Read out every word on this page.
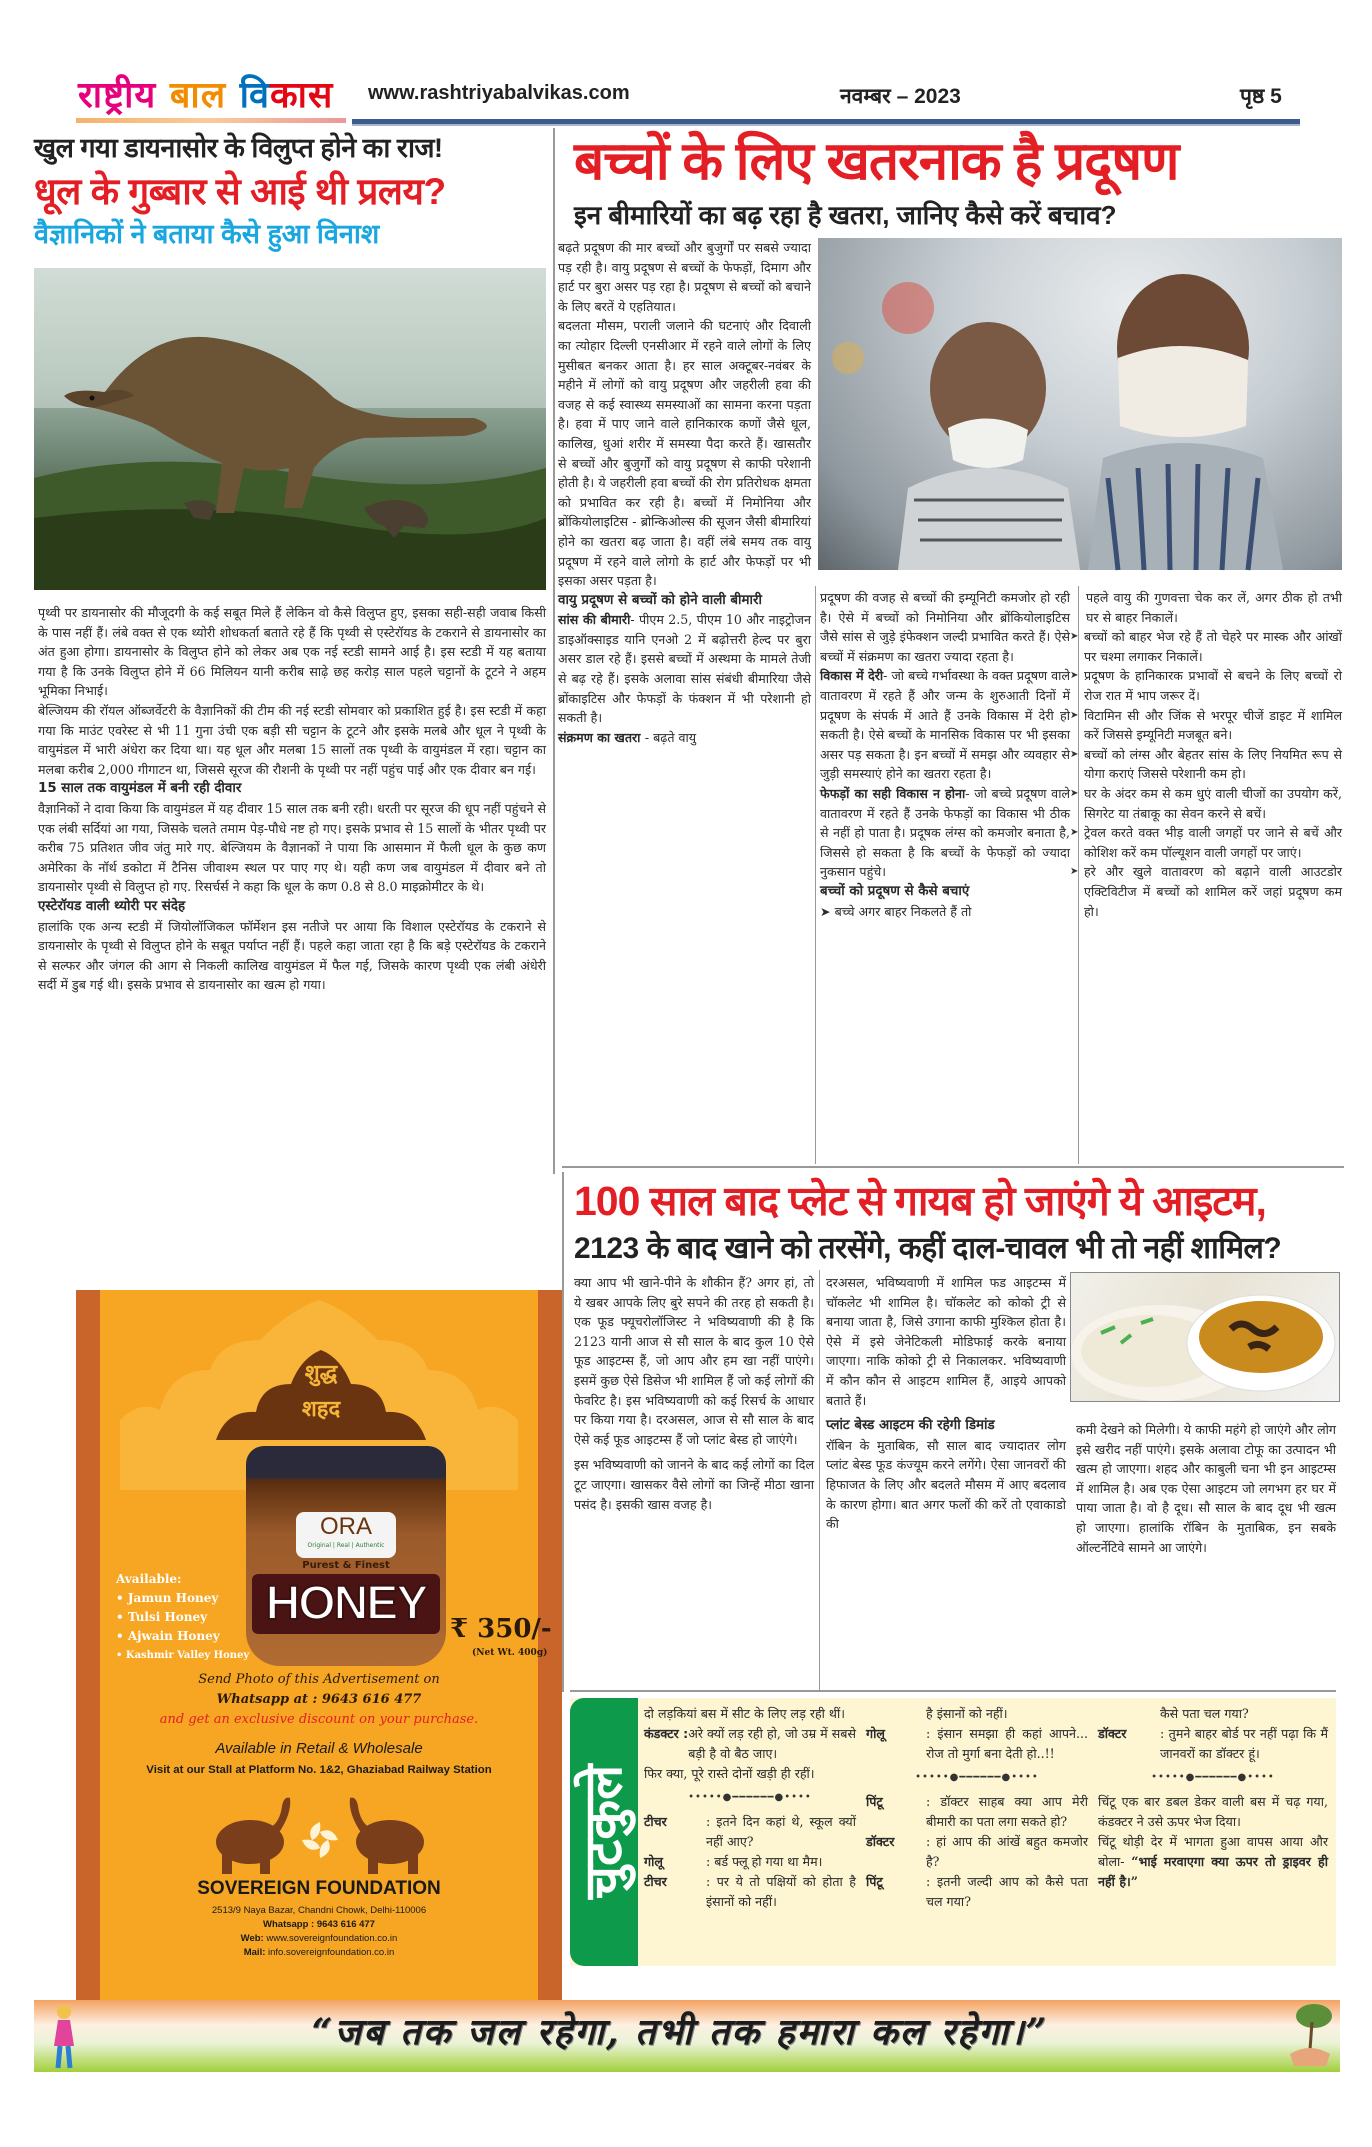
राष्ट्रीय बाल विकास www.rashtriyabalvikas.com	नवम्बर – 2023	पृष्ठ 5
खुल गया डायनासोर के विलुप्त होने का राज!
धूल के गुब्बार से आई थी प्रलय?
वैज्ञानिकों ने बताया कैसे हुआ विनाश

पृथ्वी पर डायनासोर की मौजूदगी के कई सबूत मिले हैं लेकिन वो कैसे विलुप्त हुए, इसका सही-सही जवाब किसी के पास नहीं हैं। लंबे वक्त से एक थ्योरी शोधकर्ता बताते रहे हैं कि पृथ्वी से एस्टेरॉयड के टकराने से डायनासोर का अंत हुआ होगा। डायनासोर के विलुप्त होने को लेकर अब एक नई स्टडी सामने आई है। इस स्टडी में यह बताया गया है कि उनके विलुप्त होने में 66 मिलियन यानी करीब साढ़े छह करोड़ साल पहले चट्टानों के टूटने ने अहम भूमिका निभाई।

बेल्जियम की रॉयल ऑब्जर्वेटरी के वैज्ञानिकों की टीम की नई स्टडी सोमवार को प्रकाशित हुई है। इस स्टडी में कहा गया कि माउंट एवरेस्ट से भी 11 गुना उंची एक बड़ी सी चट्टान के टूटने और इसके मलबे और धूल ने पृथ्वी के वायुमंडल में भारी अंधेरा कर दिया था। यह धूल और मलबा 15 सालों तक पृथ्वी के वायुमंडल में रहा। चट्टान का मलबा करीब 2,000 गीगाटन था, जिससे सूरज की रौशनी के पृथ्वी पर नहीं पहुंच पाई और एक दीवार बन गई।

15 साल तक वायुमंडल में बनी रही दीवार

वैज्ञानिकों ने दावा किया कि वायुमंडल में यह दीवार 15 साल तक बनी रही। धरती पर सूरज की धूप नहीं पहुंचने से एक लंबी सर्दियां आ गया, जिसके चलते तमाम पेड़-पौधे नष्ट हो गए। इसके प्रभाव से 15 सालों के भीतर पृथ्वी पर करीब 75 प्रतिशत जीव जंतु मारे गए. बेल्जियम के वैज्ञानकों ने पाया कि आसमान में फैली धूल के कुछ कण अमेरिका के नॉर्थ डकोटा में टैनिस जीवाश्म स्थल पर पाए गए थे। यही कण जब वायुमंडल में दीवार बने तो डायनासोर पृथ्वी से विलुप्त हो गए. रिसर्चर्स ने कहा कि धूल के कण 0.8 से 8.0 माइक्रोमीटर के थे।

एस्टेरॉयड वाली थ्योरी पर संदेह

हालांकि एक अन्य स्टडी में जियोलॉजिकल फॉर्मेशन इस नतीजे पर आया कि विशाल एस्टेरॉयड के टकराने से डायनासोर के पृथ्वी से विलुप्त होने के सबूत पर्याप्त नहीं हैं। पहले कहा जाता रहा है कि बड़े एस्टेरॉयड के टकराने से सल्फर और जंगल की आग से निकली कालिख वायुमंडल में फैल गई, जिसके कारण पृथ्वी एक लंबी अंधेरी सर्दी में डुब गई थी। इसके प्रभाव से डायनासोर का खत्म हो गया।

बच्चों के लिए खतरनाक है प्रदूषण
इन बीमारियों का बढ़ रहा है खतरा, जानिए कैसे करें बचाव?

बढ़ते प्रदूषण की मार बच्चों और बुजुर्गों पर सबसे ज्यादा पड़ रही है। वायु प्रदूषण से बच्चों के फेफड़ों, दिमाग और हार्ट पर बुरा असर पड़ रहा है। प्रदूषण से बच्चों को बचाने के लिए बरतें ये एहतियात।

बदलता मौसम, पराली जलाने की घटनाएं और दिवाली का त्योहार दिल्ली एनसीआर में रहने वाले लोगों के लिए मुसीबत बनकर आता है। हर साल अक्टूबर-नवंबर के महीने में लोगों को वायु प्रदूषण और जहरीली हवा की वजह से कई स्वास्थ्य समस्याओं का सामना करना पड़ता है। हवा में पाए जाने वाले हानिकारक कणों जैसे धूल, कालिख, धुआं शरीर में समस्या पैदा करते हैं। खासतौर से बच्चों और बुजुर्गों को वायु प्रदूषण से काफी परेशानी होती है। ये जहरीली हवा बच्चों की रोग प्रतिरोधक क्षमता को प्रभावित कर रही है। बच्चों में निमोनिया और ब्रोंकियोलाइटिस - ब्रोन्किओल्स की सूजन जैसी बीमारियां होने का खतरा बढ़ जाता है। वहीं लंबे समय तक वायु प्रदूषण में रहने वाले लोगो के हार्ट और फेफड़ों पर भी इसका असर पड़ता है।

वायु प्रदूषण से बच्चों को होने वाली बीमारी

सांस की बीमारी- पीएम 2.5, पीएम 10 और नाइट्रोजन डाइऑक्साइड यानि एनओ 2 में बढ़ोत्तरी हेल्द पर बुरा असर डाल रहे हैं। इससे बच्चों में अस्थमा के मामले तेजी से बढ़ रहे हैं। इसके अलावा सांस संबंधी बीमारिया जैसे ब्रोंकाइटिस और फेफड़ों के फंक्शन में भी परेशानी हो सकती है।

संक्रमण का खतरा - बढ़ते वायु

प्रदूषण की वजह से बच्चों की इम्यूनिटी कमजोर हो रही है। ऐसे में बच्चों को निमोनिया और ब्रोंकियोलाइटिस जैसे सांस से जुड़े इंफेक्शन जल्दी प्रभावित करते हैं। ऐसे बच्चों में संक्रमण का खतरा ज्यादा रहता है।

विकास में देरी- जो बच्चे गर्भावस्था के वक्त प्रदूषण वाले वातावरण में रहते हैं और जन्म के शुरुआती दिनों में प्रदूषण के संपर्क में आते हैं उनके विकास में देरी हो सकती है। ऐसे बच्चों के मानसिक विकास पर भी इसका असर पड़ सकता है। इन बच्चों में समझ और व्यवहार से जुड़ी समस्याएं होने का खतरा रहता है।

फेफड़ों का सही विकास न होना- जो बच्चे प्रदूषण वाले वातावरण में रहते हैं उनके फेफड़ों का विकास भी ठीक से नहीं हो पाता है। प्रदूषक लंग्स को कमजोर बनाता है, जिससे हो सकता है कि बच्चों के फेफड़ों को ज्यादा नुकसान पहुंचे।

बच्चों को प्रदूषण से कैसे बचाएं

➤ बच्चे अगर बाहर निकलते हैं तो

पहले वायु की गुणवत्ता चेक कर लें, अगर ठीक हो तभी घर से बाहर निकालें।

➤ बच्चों को बाहर भेज रहे हैं तो चेहरे पर मास्क और आंखों पर चश्मा लगाकर निकालें।
➤ प्रदूषण के हानिकारक प्रभावों से बचने के लिए बच्चों रो रोज रात में भाप जरूर दें।
➤ विटामिन सी और जिंक से भरपूर चीजें डाइट में शामिल करें जिससे इम्यूनिटी मजबूत बने।
➤ बच्चों को लंग्स और बेहतर सांस के लिए नियमित रूप से योगा कराएं जिससे परेशानी कम हो।
➤ घर के अंदर कम से कम धुएं वाली चीजों का उपयोग करें, सिगरेट या तंबाकू का सेवन करने से बचें।
➤ ट्रेवल करते वक्त भीड़ वाली जगहों पर जाने से बचें और कोशिश करें कम पॉल्यूशन वाली जगहों पर जाएं।
➤ हरे और खुले वातावरण को बढ़ाने वाली आउटडोर एक्टिविटीज में बच्चों को शामिल करें जहां प्रदूषण कम हो।
100 साल बाद प्लेट से गायब हो जाएंगे ये आइटम,
2123 के बाद खाने को तरसेंगे, कहीं दाल-चावल भी तो नहीं शामिल?

क्या आप भी खाने-पीने के शौकीन हैं? अगर हां, तो ये खबर आपके लिए बुरे सपने की तरह हो सकती है। एक फूड फ्यूचरोलॉजिस्ट ने भविष्यवाणी की है कि 2123 यानी आज से सौ साल के बाद कुल 10 ऐसे फूड आइटम्स हैं, जो आप और हम खा नहीं पाएंगे। इसमें कुछ ऐसे डिसेज भी शामिल हैं जो कई लोगों की फेवरिट है। इस भविष्यवाणी को कई रिसर्च के आधार पर किया गया है। दरअसल, आज से सौ साल के बाद ऐसे कई फूड आइटम्स हैं जो प्लांट बेस्ड हो जाएंगे।

इस भविष्यवाणी को जानने के बाद कई लोगों का दिल टूट जाएगा। खासकर वैसे लोगों का जिन्हें मीठा खाना पसंद है। इसकी खास वजह है।

दरअसल, भविष्यवाणी में शामिल फड आइटम्स में चॉकलेट भी शामिल है। चॉकलेट को कोको ट्री से बनाया जाता है, जिसे उगाना काफी मुश्किल होता है। ऐसे में इसे जेनेटिकली मोडिफाई करके बनाया जाएगा। नाकि कोको ट्री से निकालकर. भविष्यवाणी में कौन कौन से आइटम शामिल हैं, आइये आपको बताते हैं।

प्लांट बेस्ड आइटम की रहेगी डिमांड

रॉबिन के मुताबिक, सौ साल बाद ज्यादातर लोग प्लांट बेस्ड फूड कंज्यूम करने लगेंगे। ऐसा जानवरों की हिफाजत के लिए और बदलते मौसम में आए बदलाव के कारण होगा। बात अगर फलों की करें तो एवाकाडो की

कमी देखने को मिलेगी। ये काफी महंगे हो जाएंगे और लोग इसे खरीद नहीं पाएंगे। इसके अलावा टोफू का उत्पादन भी खत्म हो जाएगा। शहद और काबुली चना भी इन आइटम्स में शामिल है। अब एक ऐसा आइटम जो लगभग हर घर में पाया जाता है। वो है दूध। सौ साल के बाद दूध भी खत्म हो जाएगा। हालांकि रॉबिन के मुताबिक, इन सबके ऑल्टर्नेटिवे सामने आ जाएंगे।

शुद्ध
शहद
ORA
Original | Real | Authentic
Purest & Finest
HONEY
Available:
• Jamun Honey
• Tulsi Honey
• Ajwain Honey
• Kashmir Valley Honey
₹ 350/-
(Net Wt. 400g)
Send Photo of this Advertisement on
Whatsapp at : 9643 616 477
and get an exclusive discount on your purchase.
Available in Retail & Wholesale
Visit at our Stall at Platform No. 1&2, Ghaziabad Railway Station
SOVEREIGN FOUNDATION
2513/9 Naya Bazar, Chandni Chowk, Delhi-110006
Whatsapp : 9643 616 477
Web: www.sovereignfoundation.co.in
Mail: info.sovereignfoundation.co.in
चुटकुले

दो लड़कियां बस में सीट के लिए लड़ रही थीं।

कंडक्टर : अरे क्यों लड़ रही हो, जो उम्र में सबसे बड़ी है वो बैठ जाए।

फिर क्या, पूरे रास्ते दोनों खड़ी ही रहीं।

•••••●━━━━━━●••••
टीचर	: इतने दिन कहां थे, स्कूल क्यों नहीं आए?
गोलू	: बर्ड फ्लू हो गया था मैम।
टीचर	: पर ये तो पक्षियों को होता है इंसानों को नहीं।

है इंसानों को नहीं।

गोलू	: इंसान समझा ही कहां आपने... रोज तो मुर्गा बना देती हो..!!
•••••●━━━━━━●••••
पिंटू	: डॉक्टर साहब क्या आप मेरी बीमारी का पता लगा सकते हो?
डॉक्टर	: हां आप की आंखें बहुत कमजोर है?
पिंटू	: इतनी जल्दी आप को कैसे पता चल गया?

कैसे पता चल गया?

डॉक्टर	: तुमने बाहर बोर्ड पर नहीं पढ़ा कि मैं जानवरों का डॉक्टर हूं।
•••••●━━━━━━●••••

चिंटू एक बार डबल डेकर वाली बस में चढ़ गया, कंडक्टर ने उसे ऊपर भेज दिया।

चिंटू थोड़ी देर में भागता हुआ वापस आया और बोला- “भाई मरवाएगा क्या ऊपर तो ड्राइवर ही नहीं है।”

“जब तक जल रहेगा, तभी तक हमारा कल रहेगा।”
